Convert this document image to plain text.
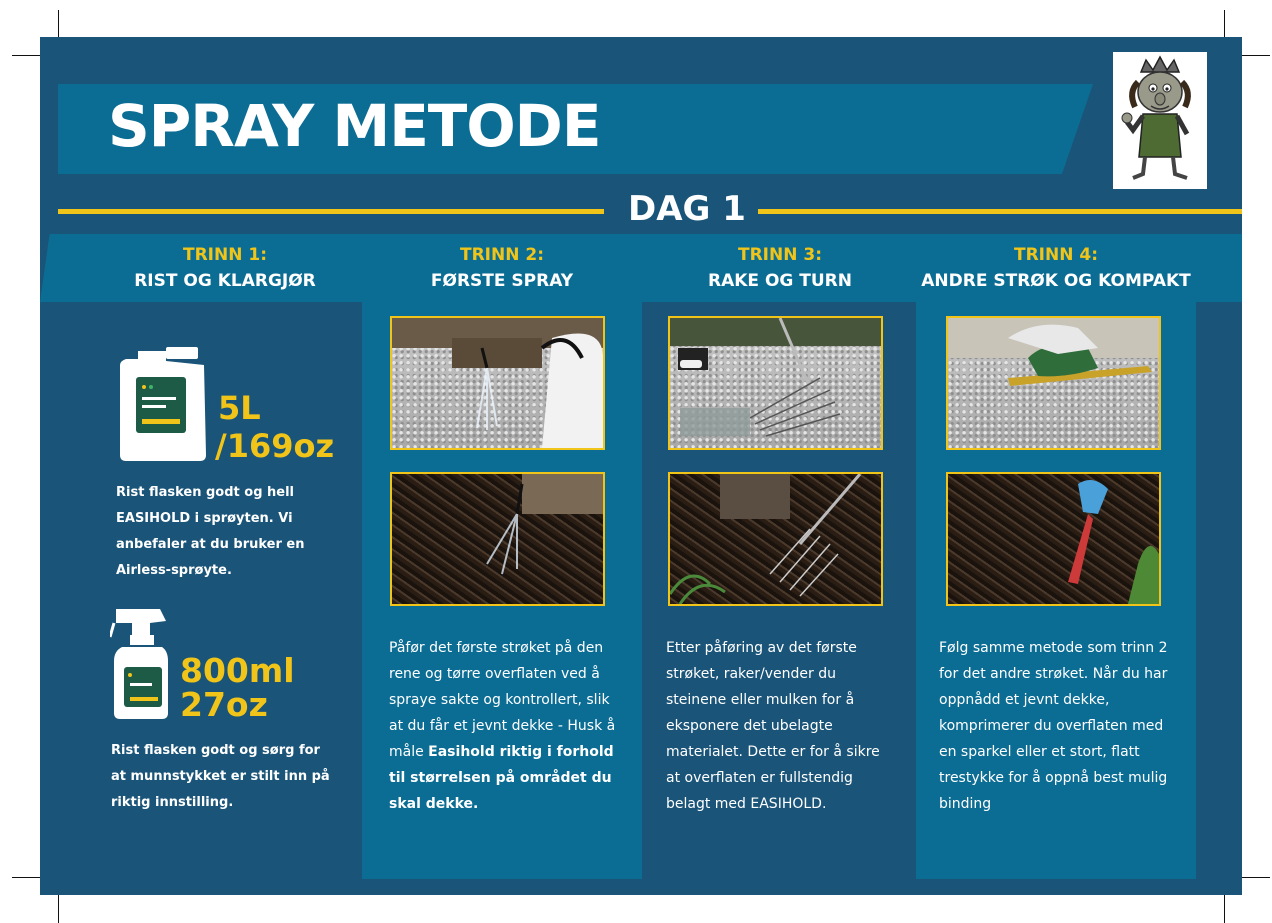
SPRAY METODE
DAG 1
TRINN 1:
RIST OG KLARGJØR
TRINN 2:
FØRSTE SPRAY
TRINN 3:
RAKE OG TURN
TRINN 4:
ANDRE STRØK OG KOMPAKT
5L
/169oz
Rist flasken godt og hell EASIHOLD i sprøyten. Vi anbefaler at du bruker en Airless-sprøyte.
800ml
27oz
Rist flasken godt og sørg for at munnstykket er stilt inn på riktig innstilling.
Påfør det første strøket på den rene og tørre overflaten ved å spraye sakte og kontrollert, slik at du får et jevnt dekke - Husk å måle Easihold riktig i forhold til størrelsen på området du skal dekke.
Etter påføring av det første strøket, raker/vender du steinene eller mulken for å eksponere det ubelagte materialet. Dette er for å sikre at overflaten er fullstendig belagt med EASIHOLD.
Følg samme metode som trinn 2 for det andre strøket. Når du har oppnådd et jevnt dekke, komprimerer du overflaten med en sparkel eller et stort, flatt trestykke for å oppnå best mulig binding
